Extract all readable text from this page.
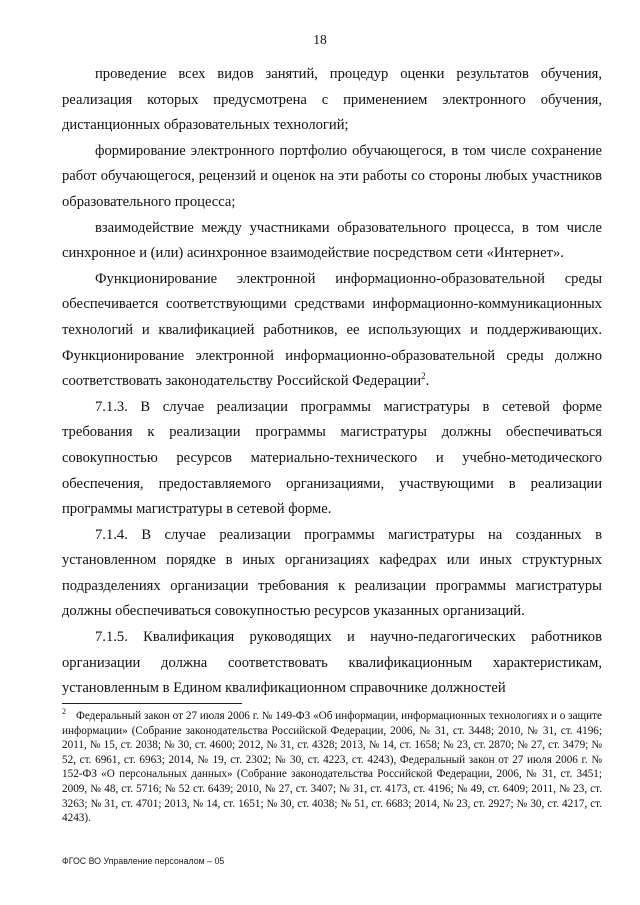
18

проведение всех видов занятий, процедур оценки результатов обучения, реализация которых предусмотрена с применением электронного обучения, дистанционных образовательных технологий;

формирование электронного портфолио обучающегося, в том числе сохранение работ обучающегося, рецензий и оценок на эти работы со стороны любых участников образовательного процесса;

взаимодействие между участниками образовательного процесса, в том числе синхронное и (или) асинхронное взаимодействие посредством сети «Интернет».

Функционирование электронной информационно-образовательной среды обеспечивается соответствующими средствами информационно-коммуникационных технологий и квалификацией работников, ее использующих и поддерживающих. Функционирование электронной информационно-образовательной среды должно соответствовать законодательству Российской Федерации$^2$.

7.1.3. В случае реализации программы магистратуры в сетевой форме требования к реализации программы магистратуры должны обеспечиваться совокупностью ресурсов материально-технического и учебно-методического обеспечения, предоставляемого организациями, участвующими в реализации программы магистратуры в сетевой форме.

7.1.4. В случае реализации программы магистратуры на созданных в установленном порядке в иных организациях кафедрах или иных структурных подразделениях организации требования к реализации программы магистратуры должны обеспечиваться совокупностью ресурсов указанных организаций.

7.1.5. Квалификация руководящих и научно-педагогических работников организации должна соответствовать квалификационным характеристикам, установленным в Едином квалификационном справочнике должностей

$^2$ Федеральный закон от 27 июля 2006 г. № 149-ФЗ «Об информации, информационных технологиях и о защите информации» (Собрание законодательства Российской Федерации, 2006, № 31, ст. 3448; 2010, № 31, ст. 4196; 2011, № 15, ст. 2038; № 30, ст. 4600; 2012, № 31, ст. 4328; 2013, № 14, ст. 1658; № 23, ст. 2870; № 27, ст. 3479; № 52, ст. 6961, ст. 6963; 2014, № 19, ст. 2302; № 30, ст. 4223, ст. 4243), Федеральный закон от 27 июля 2006 г. № 152-ФЗ «О персональных данных» (Собрание законодательства Российской Федерации, 2006, № 31, ст. 3451; 2009, № 48, ст. 5716; № 52 ст. 6439; 2010, № 27, ст. 3407; № 31, ст. 4173, ст. 4196; № 49, ст. 6409; 2011, № 23, ст. 3263; № 31, ст. 4701; 2013, № 14, ст. 1651; № 30, ст. 4038; № 51, ст. 6683; 2014, № 23, ст. 2927; № 30, ст. 4217, ст. 4243).

ФГОС ВО Управление персоналом – 05
